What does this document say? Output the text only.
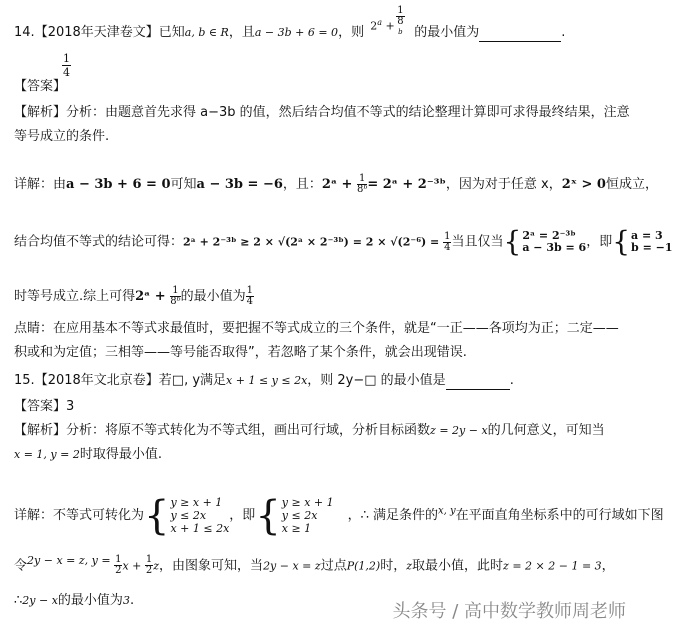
14.【2018年天津卷文】已知a, b ∈ R，且a − 3b + 6 = 0，则 $2^a + 1$
8
$^b$ 的最小值为	.
$\frac{1}{4}$
【答案】
【解析】分析：由题意首先求得 a−3b 的值，然后结合均值不等式的结论整理计算即可求得最终结果，注意
等号成立的条件.
详解：由a − 3b + 6 = 0可知a − 3b = −6，且：2ᵃ + $\frac{1}{\text{8ᵇ}}$ = 2ᵃ + 2⁻³ᵇ，因为对于任意 x，2ˣ > 0恒成立，
结合均值不等式的结论可得：2ᵃ + 2⁻³ᵇ ≥ 2 × √(2ᵃ × 2⁻³ᵇ) = $2 \times √(2^{-6}) = \frac{1}{4}$ 当且仅当{ 2ᵃ = 2⁻³ᵇ
a − 3b = 6 ，即{ a = 3
b = −1
时等号成立.综上可得2ᵃ + $\frac{1}{\text{8ᵇ}}$ 的最小值为 $\frac{1}{4}$
点睛：在应用基本不等式求最值时，要把握不等式成立的三个条件，就是“一正——各项均为正；二定——
积或和为定值；三相等——等号能否取得”，若忽略了某个条件，就会出现错误.
15.【2018年文北京卷】若□, y满足x + 1 ≤ y ≤ 2x，则 2y−□ 的最小值是	.
【答案】3
【解析】分析：将原不等式转化为不等式组，画出可行域，分析目标函数z = 2y − x的几何意义，可知当
x = 1, y = 2时取得最小值.
详解：不等式可转化为{ y ≥ x + 1
y ≤ 2x
x + 1 ≤ 2x
，即{ y ≥ x + 1
y ≤ 2x
x ≥ 1
，∴ 满足条件的$^{x, y}$在平面直角坐标系中的可行域如下图
令$^{2y - x = z, y =} \frac{1}{2}$ $x + \frac{1}{2}$ z，由图象可知，当2y − x = z过点P(1,2)时，z取最小值，此时z = 2 × 2 − 1 = 3，
∴2y − x的最小值为3.
头条号 / 高中数学教师周老师
